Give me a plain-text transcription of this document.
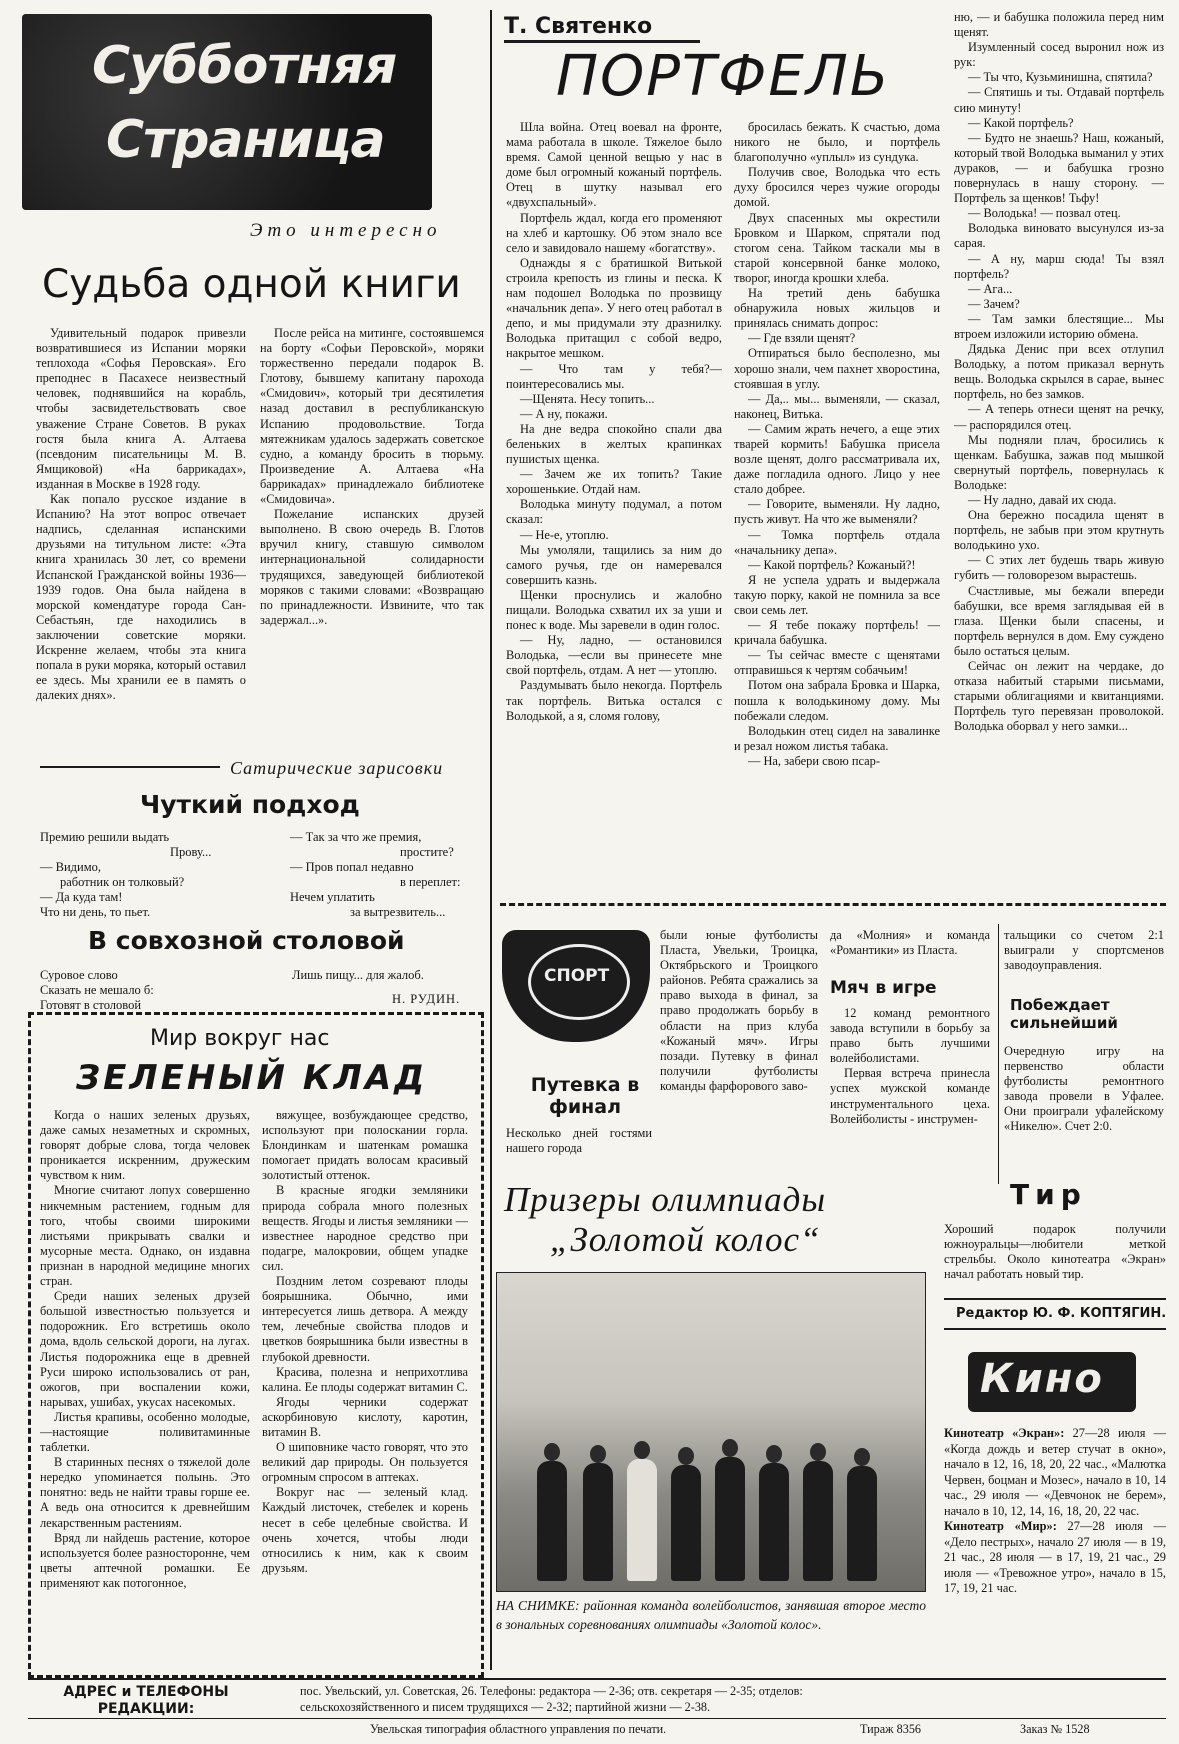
Субботняя
Страница
Это интересно
Судьба одной книги

Удивительный подарок привезли возвратившиеся из Испании моряки теплохода «Софья Перовская». Его преподнес в Пасахесе неизвестный человек, поднявшийся на корабль, чтобы засвидетельствовать свое уважение Стране Советов. В руках гостя была книга А. Алтаева (псевдоним писательницы М. В. Ямщиковой) «На баррикадах», изданная в Москве в 1928 году.

Как попало русское издание в Испанию? На этот вопрос отвечает надпись, сделанная испанскими друзьями на титульном листе: «Эта книга хранилась 30 лет, со времени Испанской Гражданской войны 1936—1939 годов. Она была найдена в морской комендатуре города Сан-Себастьян, где находились в заключении советские моряки. Искренне желаем, чтобы эта книга попала в руки моряка, который оставил ее здесь. Мы хранили ее в память о далеких днях».

После рейса на митинге, состоявшемся на борту «Софьи Перовской», моряки торжественно передали подарок В. Глотову, бывшему капитану парохода «Смидович», который три десятилетия назад доставил в республиканскую Испанию продовольствие. Тогда мятежникам удалось задержать советское судно, а команду бросить в тюрьму. Произведение А. Алтаева «На баррикадах» принадлежало библиотеке «Смидовича».

Пожелание испанских друзей выполнено. В свою очередь В. Глотов вручил книгу, ставшую символом интернациональной солидарности трудящихся, заведующей библиотекой моряков с такими словами: «Возвращаю по принадлежности. Извините, что так задержал...».

Сатирические зарисовки
Чуткий подход
Премию решили выдать
Прову...
— Видимо,
работник он толковый?
— Да куда там!
Что ни день, то пьет.
— Так за что же премия,
простите?
— Пров попал недавно
в переплет:
Нечем уплатить
за вытрезвитель...
В совхозной столовой
Суровое слово
Сказать не мешало б:
Готовят в столовой
Лишь пищу... для жалоб.
Н. РУДИН.
Мир вокруг нас
ЗЕЛЕНЫЙ КЛАД

Когда о наших зеленых друзьях, даже самых незаметных и скромных, говорят добрые слова, тогда человек проникается искренним, дружеским чувством к ним.

Многие считают лопух совершенно никчемным растением, годным для того, чтобы своими широкими листьями прикрывать свалки и мусорные места. Однако, он издавна признан в народной медицине многих стран.

Среди наших зеленых друзей большой известностью пользуется и подорожник. Его встретишь около дома, вдоль сельской дороги, на лугах. Листья подорожника еще в древней Руси широко использовались от ран, ожогов, при воспалении кожи, нарывах, ушибах, укусах насекомых.

Листья крапивы, особенно молодые,—настоящие поливитаминные таблетки.

В старинных песнях о тяжелой доле нередко упоминается полынь. Это понятно: ведь не найти травы горше ее. А ведь она относится к древнейшим лекарственным растениям.

Вряд ли найдешь растение, которое используется более разносторонне, чем цветы аптечной ромашки. Ее применяют как потогонное,

вяжущее, возбуждающее средство, используют при полоскании горла. Блондинкам и шатенкам ромашка помогает придать волосам красивый золотистый оттенок.

В красные ягодки земляники природа собрала много полезных веществ. Ягоды и листья земляники — известнее народное средство при подагре, малокровии, общем упадке сил.

Поздним летом созревают плоды боярышника. Обычно, ими интересуется лишь детвора. А между тем, лечебные свойства плодов и цветков боярышника были известны в глубокой древности.

Красива, полезна и неприхотлива калина. Ее плоды содержат витамин С.

Ягоды черники содержат аскорбиновую кислоту, каротин, витамин В.

О шиповнике часто говорят, что это великий дар природы. Он пользуется огромным спросом в аптеках.

Вокруг нас — зеленый клад. Каждый листочек, стебелек и корень несет в себе целебные свойства. И очень хочется, чтобы люди относились к ним, как к своим друзьям.

Т. Святенко
ПОРТФЕЛЬ

Шла война. Отец воевал на фронте, мама работала в школе. Тяжелое было время. Самой ценной вещью у нас в доме был огромный кожаный портфель. Отец в шутку называл его «двухспальный».

Портфель ждал, когда его променяют на хлеб и картошку. Об этом знало все село и завидовало нашему «богатству».

Однажды я с братишкой Витькой строила крепость из глины и песка. К нам подошел Володька по прозвищу «начальник депа». У него отец работал в депо, и мы придумали эту дразнилку. Володька притащил с собой ведро, накрытое мешком.

— Что там у тебя?—поинтересовались мы.

—Щенята. Несу топить...

— А ну, покажи.

На дне ведра спокойно спали два беленьких в желтых крапинках пушистых щенка.

— Зачем же их топить? Такие хорошенькие. Отдай нам.

Володька минуту подумал, а потом сказал:

— Не-е, утоплю.

Мы умоляли, тащились за ним до самого ручья, где он намеревался совершить казнь.

Щенки проснулись и жалобно пищали. Володька схватил их за уши и понес к воде. Мы заревели в один голос.

— Ну, ладно, — остановился Володька, —если вы принесете мне свой портфель, отдам. А нет — утоплю.

Раздумывать было некогда. Портфель так портфель. Витька остался с Володькой, а я, сломя голову,

бросилась бежать. К счастью, дома никого не было, и портфель благополучно «уплыл» из сундука.

Получив свое, Володька что есть духу бросился через чужие огороды домой.

Двух спасенных мы окрестили Бровком и Шарком, спрятали под стогом сена. Тайком таскали мы в старой консервной банке молоко, творог, иногда крошки хлеба.

На третий день бабушка обнаружила новых жильцов и принялась снимать допрос:

— Где взяли щенят?

Отпираться было бесполезно, мы хорошо знали, чем пахнет хворостина, стоявшая в углу.

— Да,.. мы... выменяли, — сказал, наконец, Витька.

— Самим жрать нечего, а еще этих тварей кормить! Бабушка присела возле щенят, долго рассматривала их, даже погладила одного. Лицо у нее стало добрее.

— Говорите, выменяли. Ну ладно, пусть живут. На что же выменяли?

— Томка портфель отдала «начальнику депа».

— Какой портфель? Кожаный?!

Я не успела удрать и выдержала такую порку, какой не помнила за все свои семь лет.

— Я тебе покажу портфель! — кричала бабушка.

— Ты сейчас вместе с щенятами отправишься к чертям собачьим!

Потом она забрала Бровка и Шарка, пошла к володькиному дому. Мы побежали следом.

Володькин отец сидел на завалинке и резал ножом листья табака.

— На, забери свою псар-

ню, — и бабушка положила перед ним щенят.

Изумленный сосед выронил нож из рук:

— Ты что, Кузьминишна, спятила?

— Спятишь и ты. Отдавай портфель сию минуту!

— Какой портфель?

— Будто не знаешь? Наш, кожаный, который твой Володька выманил у этих дураков, — и бабушка грозно повернулась в нашу сторону. — Портфель за щенков! Тьфу!

— Володька! — позвал отец.

Володька виновато высунулся из-за сарая.

— А ну, марш сюда! Ты взял портфель?

— Ага...

— Зачем?

— Там замки блестящие... Мы втроем изложили историю обмена.

Дядька Денис при всех отлупил Володьку, а потом приказал вернуть вещь. Володька скрылся в сарае, вынес портфель, но без замков.

— А теперь отнеси щенят на речку, — распорядился отец.

Мы подняли плач, бросились к щенкам. Бабушка, зажав под мышкой свернутый портфель, повернулась к Володьке:

— Ну ладно, давай их сюда.

Она бережно посадила щенят в портфель, не забыв при этом крутнуть володькино ухо.

— С этих лет будешь тварь живую губить — головорезом вырастешь.

Счастливые, мы бежали впереди бабушки, все время заглядывая ей в глаза. Щенки были спасены, и портфель вернулся в дом. Ему суждено было остаться целым.

Сейчас он лежит на чердаке, до отказа набитый старыми письмами, старыми облигациями и квитанциями. Портфель туго перевязан проволокой. Володька оборвал у него замки...

СПОРТ
Путевка в финал
Несколько дней гостями нашего города
были юные футболисты Пласта, Увельки, Троицка, Октябрьского и Троицкого районов. Ребята сражались за право выхода в финал, за право продолжать борьбу в области на приз клуба «Кожаный мяч». Игры позади. Путевку в финал получили футболисты команды фарфорового заво-
да «Молния» и команда «Романтики» из Пласта.
Мяч в игре

12 команд ремонтного завода вступили в борьбу за право быть лучшими волейболистами.

Первая встреча принесла успех мужской команде инструментального цеха. Волейболисты - инструмен-

тальщики со счетом 2:1 выиграли у спортсменов заводоуправления.
Побеждает сильнейший
Очередную игру на первенство области футболисты ремонтного завода провели в Уфалее. Они проиграли уфалейскому «Никелю». Счет 2:0.
Призеры олимпиады
„Золотой колос“
НА СНИМКЕ: районная команда волейболистов, занявшая второе место в зональных соревнованиях олимпиады «Золотой колос».
Тир
Хороший подарок получили южноуральцы—любители меткой стрельбы. Около кинотеатра «Экран» начал работать новый тир.
Редактор Ю. Ф. КОПТЯГИН.
Кино

Кинотеатр «Экран»: 27—28 июля — «Когда дождь и ветер стучат в окно», начало в 12, 16, 18, 20, 22 час., «Малютка Червен, боцман и Мозес», начало в 10, 14 час., 29 июля — «Девчонок не берем», начало в 10, 12, 14, 16, 18, 20, 22 час.

Кинотеатр «Мир»: 27—28 июля — «Дело пестрых», начало 27 июля — в 19, 21 час., 28 июля — в 17, 19, 21 час., 29 июля — «Тревожное утро», начало в 15, 17, 19, 21 час.

АДРЕС и ТЕЛЕФОНЫ РЕДАКЦИИ:
пос. Увельский, ул. Советская, 26. Телефоны: редактора — 2-36; отв. секретаря — 2-35; отделов:
сельскохозяйственного и писем трудящихся — 2-32; партийной жизни — 2-38.
Увельская типография областного управления по печати.	Тираж 8356	Заказ № 1528
